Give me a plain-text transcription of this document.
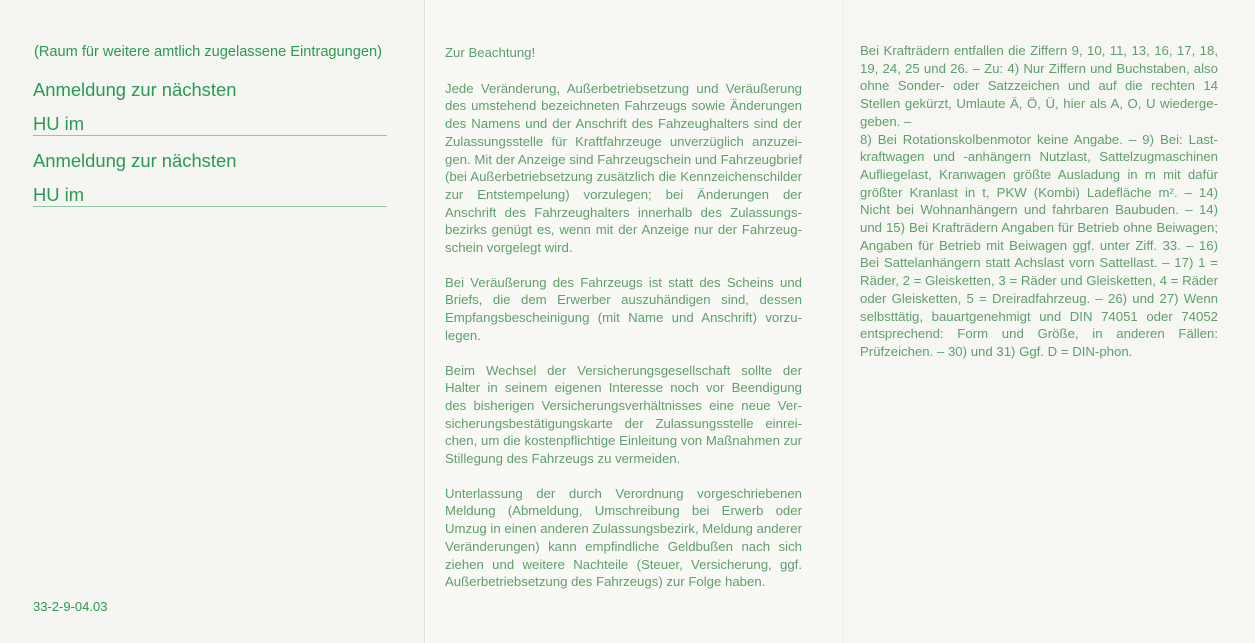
(Raum für weitere amtlich zugelassene Eintragungen)
Anmeldung zur nächsten
HU im
Anmeldung zur nächsten
HU im
33-2-9-04.03
Zur Beachtung!

Jede Veränderung, Außerbetriebsetzung und Veräußerung des umstehend bezeichneten Fahrzeugs sowie Änderungen des Namens und der Anschrift des Fahzeughalters sind der Zulassungsstelle für Kraftfahrzeuge unverzüglich anzuzeigen. Mit der Anzeige sind Fahrzeugschein und Fahrzeugbrief (bei Außerbetriebsetzung zusätzlich die Kennzeichenschilder zur Entstempelung) vorzulegen; bei Änderungen der Anschrift des Fahrzeughalters innerhalb des Zulassungsbezirks genügt es, wenn mit der Anzeige nur der Fahrzeugschein vorgelegt wird.

Bei Veräußerung des Fahrzeugs ist statt des Scheins und Briefs, die dem Erwerber auszuhändigen sind, dessen Empfangsbescheinigung (mit Name und Anschrift) vorzulegen.

Beim Wechsel der Versicherungsgesellschaft sollte der Halter in seinem eigenen Interesse noch vor Beendigung des bisherigen Versicherungsverhältnisses eine neue Versicherungsbestätigungskarte der Zulassungsstelle einreichen, um die kostenpflichtige Einleitung von Maßnahmen zur Stillegung des Fahrzeugs zu vermeiden.

Unterlassung der durch Verordnung vorgeschriebenen Meldung (Abmeldung, Umschreibung bei Erwerb oder Umzug in einen anderen Zulassungsbezirk, Meldung anderer Veränderungen) kann empfindliche Geldbußen nach sich ziehen und weitere Nachteile (Steuer, Versicherung, ggf. Außerbetriebsetzung des Fahrzeugs) zur Folge haben.

Bei Krafträdern entfallen die Ziffern 9, 10, 11, 13, 16, 17, 18, 19, 24, 25 und 26. – Zu: 4) Nur Ziffern und Buchstaben, also ohne Sonder- oder Satzzeichen und auf die rechten 14 Stellen gekürzt, Umlaute Ä, Ö, Ü, hier als A, O, U wiedergegeben. –

8) Bei Rotationskolbenmotor keine Angabe. – 9) Bei: Lastkraftwagen und -anhängern Nutzlast, Sattelzugmaschinen Aufliegelast, Kranwagen größte Ausladung in m mit dafür größter Kranlast in t, PKW (Kombi) Ladefläche m². – 14) Nicht bei Wohnanhängern und fahrbaren Baubuden. – 14) und 15) Bei Krafträdern Angaben für Betrieb ohne Beiwagen; Angaben für Betrieb mit Beiwagen ggf. unter Ziff. 33. – 16) Bei Sattelanhängern statt Achslast vorn Sattellast. – 17) 1 = Räder, 2 = Gleisketten, 3 = Räder und Gleisketten, 4 = Räder oder Gleisketten, 5 = Dreiradfahrzeug. – 26) und 27) Wenn selbsttätig, bauartgenehmigt und DIN 74051 oder 74052 entsprechend: Form und Größe, in anderen Fällen: Prüfzeichen. – 30) und 31) Ggf. D = DIN-phon.
